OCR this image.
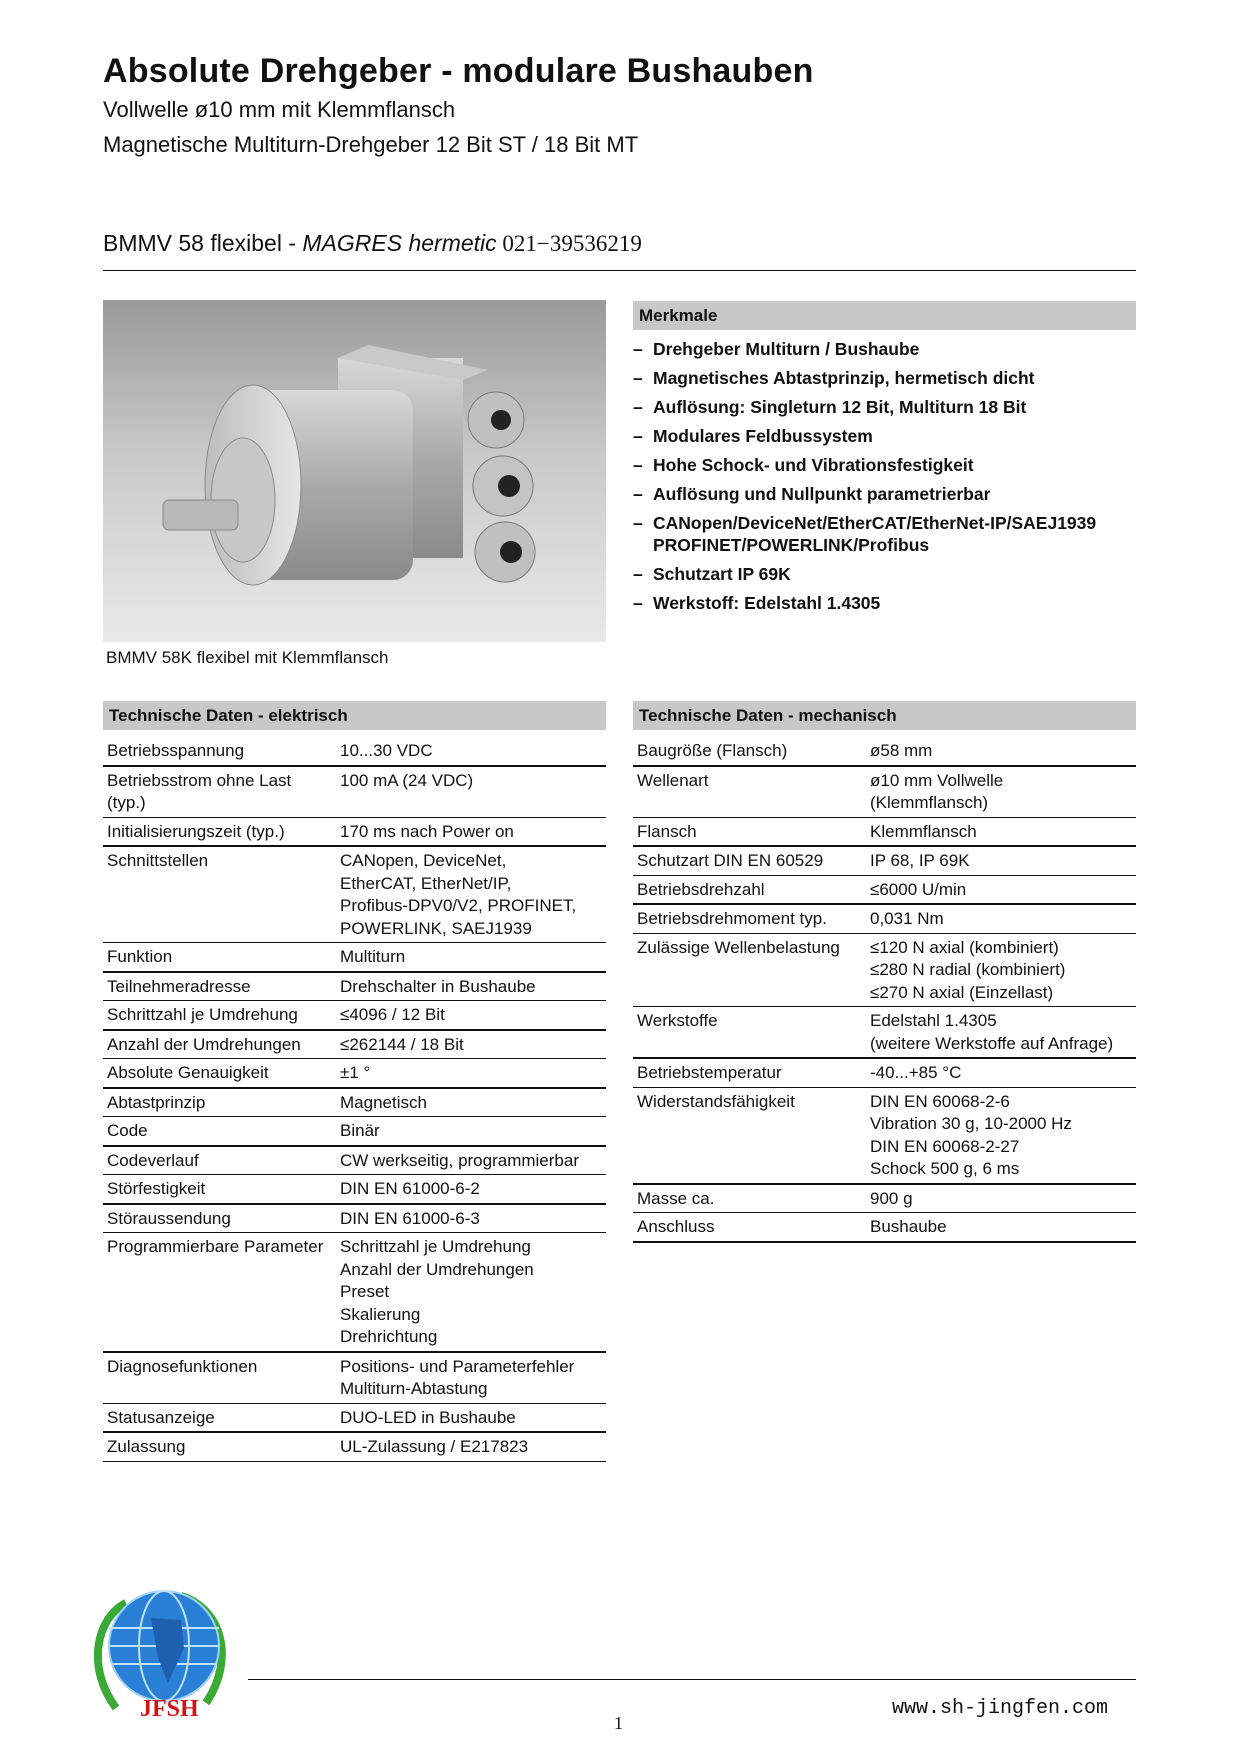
Absolute Drehgeber - modulare Bushauben
Vollwelle ø10 mm mit Klemmflansch
Magnetische Multiturn-Drehgeber 12 Bit ST / 18 Bit MT
BMMV 58 flexibel - MAGRES hermetic 021−39536219
BMMV 58K flexibel mit Klemmflansch
Merkmale
– Drehgeber Multiturn / Bushaube
– Magnetisches Abtastprinzip, hermetisch dicht
– Auflösung: Singleturn 12 Bit, Multiturn 18 Bit
– Modulares Feldbussystem
– Hohe Schock- und Vibrationsfestigkeit
– Auflösung und Nullpunkt parametrierbar
– CANopen/DeviceNet/EtherCAT/EtherNet-IP/SAEJ1939 PROFINET/POWERLINK/Profibus
– Schutzart IP 69K
– Werkstoff: Edelstahl 1.4305
Technische Daten - elektrisch
Betriebsspannung	10...30 VDC

Betriebsstrom ohne Last (typ.)	100 mA (24 VDC)

Initialisierungszeit (typ.)	170 ms nach Power on

Schnittstellen	CANopen, DeviceNet,
EtherCAT, EtherNet/IP,
Profibus-DPV0/V2, PROFINET,
POWERLINK, SAEJ1939

Funktion	Multiturn

Teilnehmeradresse	Drehschalter in Bushaube

Schrittzahl je Umdrehung	≤4096 / 12 Bit

Anzahl der Umdrehungen	≤262144 / 18 Bit

Absolute Genauigkeit	±1 °

Abtastprinzip	Magnetisch

Code	Binär

Codeverlauf	CW werkseitig, programmierbar

Störfestigkeit	DIN EN 61000-6-2

Störaussendung	DIN EN 61000-6-3

Programmierbare Parameter	Schrittzahl je Umdrehung
Anzahl der Umdrehungen
Preset
Skalierung
Drehrichtung

Diagnosefunktionen	Positions- und Parameterfehler
Multiturn-Abtastung

Statusanzeige	DUO-LED in Bushaube

Zulassung	UL-Zulassung / E217823
Technische Daten - mechanisch
Baugröße (Flansch)	ø58 mm

Wellenart	ø10 mm Vollwelle
(Klemmflansch)

Flansch	Klemmflansch

Schutzart DIN EN 60529	IP 68, IP 69K

Betriebsdrehzahl	≤6000 U/min

Betriebsdrehmoment typ.	0,031 Nm

Zulässige Wellenbelastung	≤120 N axial (kombiniert)
≤280 N radial (kombiniert)
≤270 N axial (Einzellast)

Werkstoffe	Edelstahl 1.4305
(weitere Werkstoffe auf Anfrage)

Betriebstemperatur	-40...+85 °C

Widerstandsfähigkeit	DIN EN 60068-2-6
Vibration 30 g, 10-2000 Hz
DIN EN 60068-2-27
Schock 500 g, 6 ms

Masse ca.	900 g

Anschluss	Bushaube
JFSH
1
www.sh-jingfen.com
